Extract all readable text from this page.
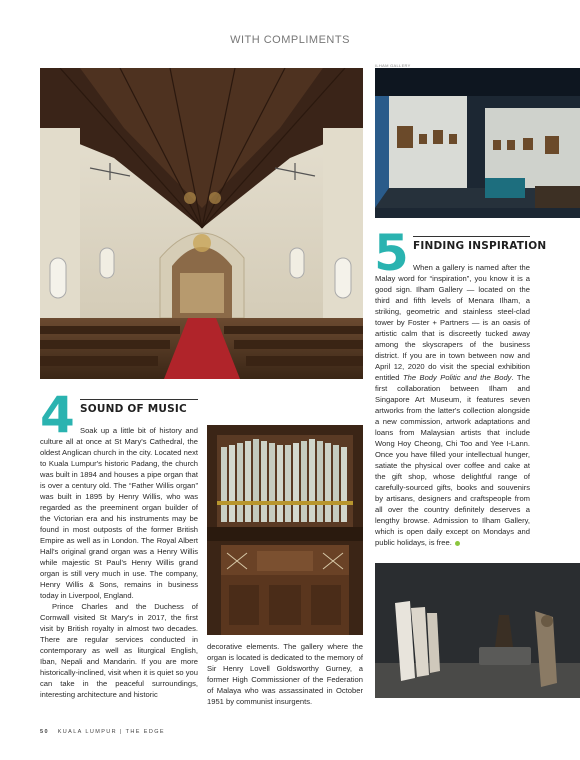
WITH COMPLIMENTS
ILHAM GALLERY
5 FINDING INSPIRATION

When a gallery is named after the Malay word for “inspiration”, you know it is a good sign. Ilham Gallery — located on the third and fifth levels of Menara Ilham, a striking, geometric and stainless steel-clad tower by Foster + Partners — is an oasis of artistic calm that is discreetly tucked away among the skyscrapers of the business district. If you are in town between now and April 12, 2020 do visit the special exhibition entitled The Body Politic and the Body. The first collaboration between Ilham and Singapore Art Museum, it features seven artworks from the latter's collection alongside a new commission, artwork adaptations and loans from Malaysian artists that include Wong Hoy Cheong, Chi Too and Yee I-Lann. Once you have filled your intellectual hunger, satiate the physical over coffee and cake at the gift shop, whose delightful range of carefully-sourced gifts, books and souvenirs by artisans, designers and craftspeople from all over the country definitely deserves a lengthy browse. Admission to Ilham Gallery, which is open daily except on Mondays and public holidays, is free.

4 SOUND OF MUSIC

Soak up a little bit of history and culture all at once at St Mary's Cathedral, the oldest Anglican church in the city. Located next to Kuala Lumpur's historic Padang, the church was built in 1894 and houses a pipe organ that is over a century old. The “Father Willis organ” was built in 1895 by Henry Willis, who was regarded as the preeminent organ builder of the Victorian era and his instruments may be found in most outposts of the former British Empire as well as in London. The Royal Albert Hall's original grand organ was a Henry Willis while majestic St Paul's Henry Willis grand organ is still very much in use. The company, Henry Willis & Sons, remains in business today in Liverpool, England.

Prince Charles and the Duchess of Cornwall visited St Mary's in 2017, the first visit by British royalty in almost two decades. There are regular services conducted in contemporary as well as liturgical English, Iban, Nepali and Mandarin. If you are more historically-inclined, visit when it is quiet so you can take in the peaceful surroundings, interesting architecture and historic

decorative elements. The gallery where the organ is located is dedicated to the memory of Sir Henry Lovell Goldsworthy Gurney, a former High Commissioner of the Federation of Malaya who was assassinated in October 1951 by communist insurgents.
50 KUALA LUMPUR | THE EDGE
